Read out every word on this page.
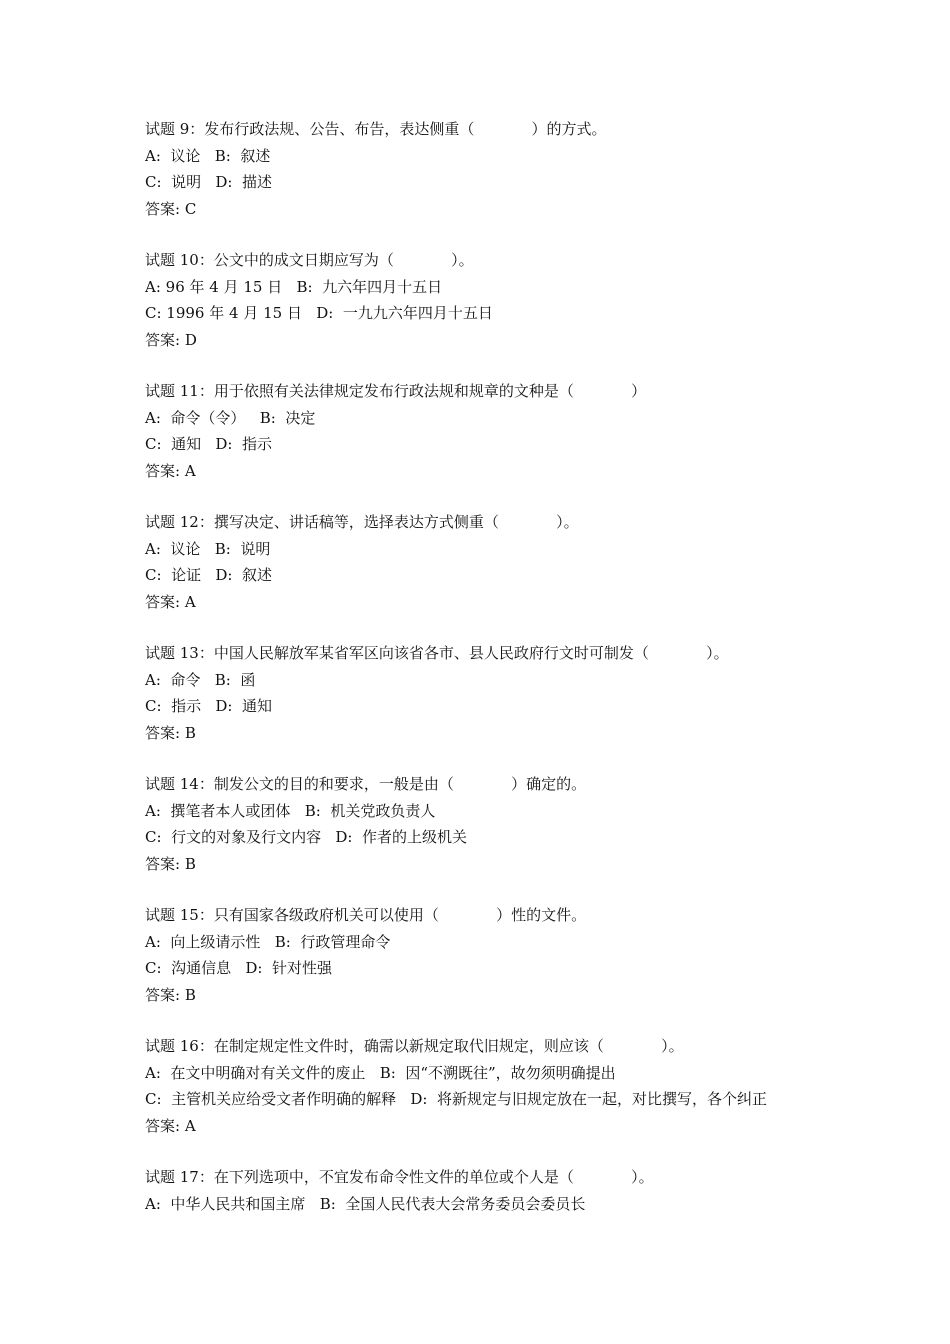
试题 9：发布行政法规、公告、布告，表达侧重（            ）的方式。
A:  议论   B:  叙述
C:  说明   D:  描述
答案: C
试题 10：公文中的成文日期应写为（            ）。
A: 96 年 4 月 15 日   B:  九六年四月十五日
C: 1996 年 4 月 15 日   D:  一九九六年四月十五日
答案: D
试题 11：用于依照有关法律规定发布行政法规和规章的文种是（            ）
A:  命令（令）   B:  决定
C:  通知   D:  指示
答案: A
试题 12：撰写决定、讲话稿等，选择表达方式侧重（            ）。
A:  议论   B:  说明
C:  论证   D:  叙述
答案: A
试题 13：中国人民解放军某省军区向该省各市、县人民政府行文时可制发（            ）。
A:  命令   B:  函
C:  指示   D:  通知
答案: B
试题 14：制发公文的目的和要求，一般是由（            ）确定的。
A:  撰笔者本人或团体   B:  机关党政负责人
C:  行文的对象及行文内容   D:  作者的上级机关
答案: B
试题 15：只有国家各级政府机关可以使用（            ）性的文件。
A:  向上级请示性   B:  行政管理命令
C:  沟通信息   D:  针对性强
答案: B
试题 16：在制定规定性文件时，确需以新规定取代旧规定，则应该（            ）。
A:  在文中明确对有关文件的废止   B:  因“不溯既往”，故勿须明确提出
C:  主管机关应给受文者作明确的解释   D:  将新规定与旧规定放在一起，对比撰写，各个纠正
答案: A
试题 17：在下列选项中，不宜发布命令性文件的单位或个人是（            ）。
A:  中华人民共和国主席   B:  全国人民代表大会常务委员会委员长
